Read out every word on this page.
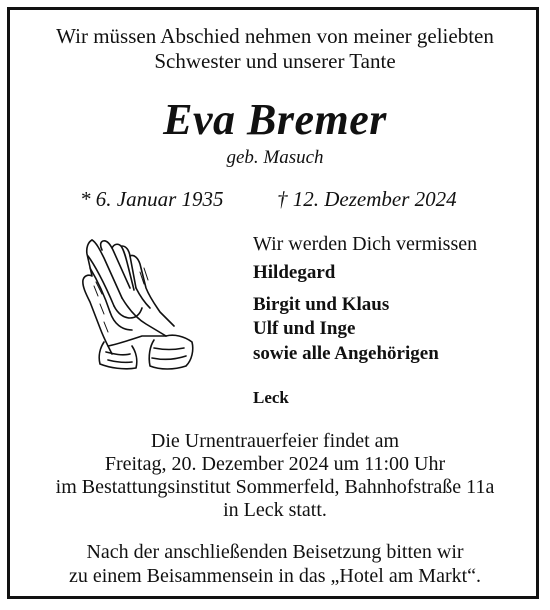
Wir müssen Abschied nehmen von meiner geliebten
Schwester und unserer Tante
Eva Bremer
geb. Masuch
* 6. Januar 1935	† 12. Dezember 2024
Wir werden Dich vermissen
Hildegard
Birgit und Klaus
Ulf und Inge
sowie alle Angehörigen
Leck
Die Urnentrauerfeier findet am
Freitag, 20. Dezember 2024 um 11:00 Uhr
im Bestattungsinstitut Sommerfeld, Bahnhofstraße 11a
in Leck statt.
Nach der anschließenden Beisetzung bitten wir
zu einem Beisammensein in das „Hotel am Markt“.
